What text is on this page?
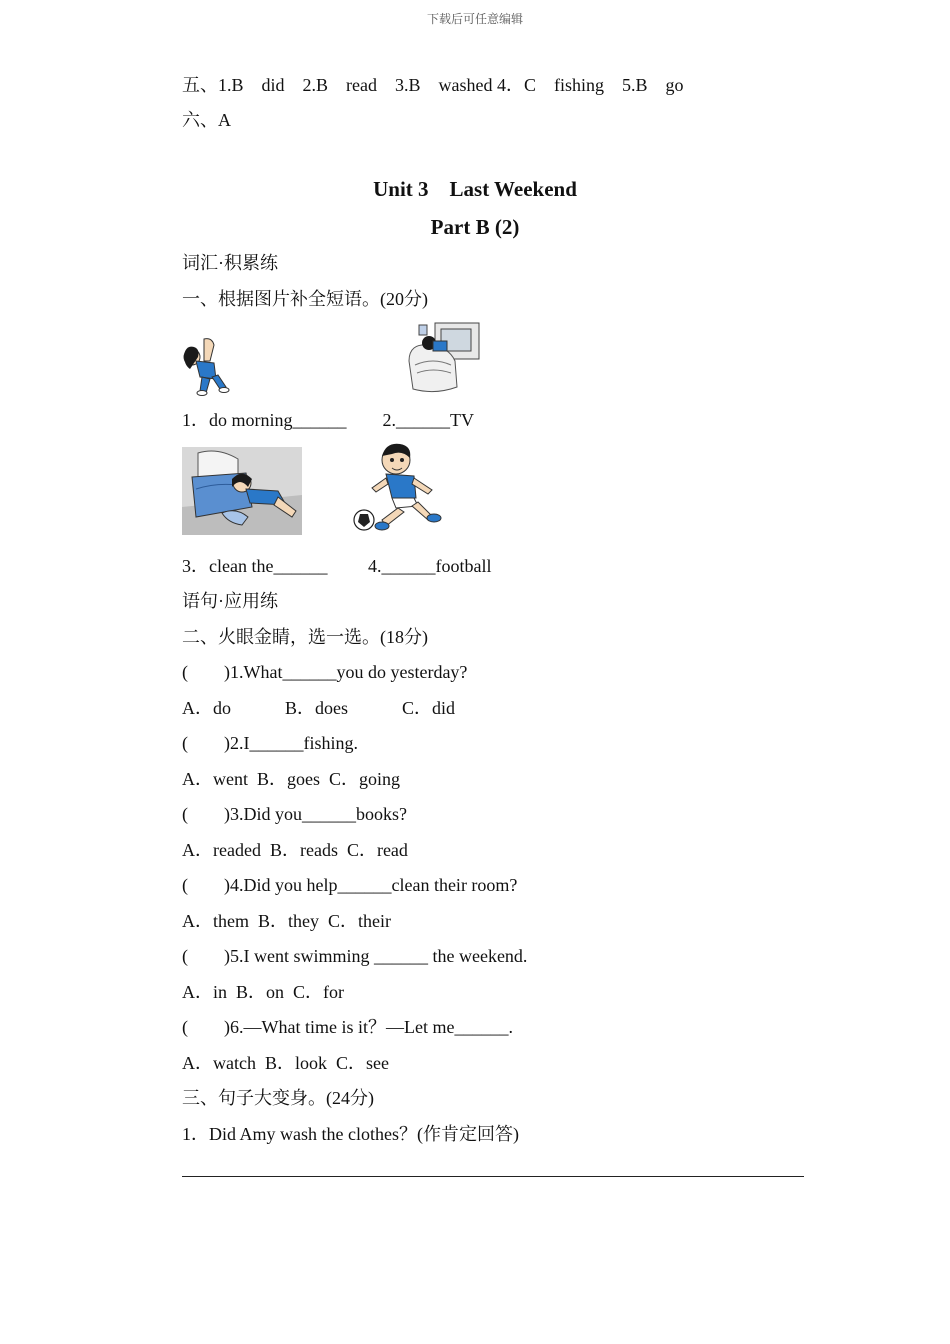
下载后可任意编辑
五、1.B　did　2.B　read　3.B　washed 4．C　fishing　5.B　go
六、A
Unit 3　Last Weekend
Part B (2)
词汇·积累练
一、根据图片补全短语。(20分)
1．do morning______　　2.______TV
3．clean the______　　 4.______football
语句·应用练
二、火眼金睛，选一选。(18分)
(　　)1.What______you do yesterday?
A．do　　　B．does　　　C．did
(　　)2.I______fishing.
A．went  B．goes  C．going
(　　)3.Did you______books?
A．readed  B．reads  C．read
(　　)4.Did you help______clean their room?
A．them  B．they  C．their
(　　)5.I went swimming ______ the weekend.
A．in  B．on  C．for
(　　)6.—What time is it？—Let me______.
A．watch  B．look  C．see
三、句子大变身。(24分)
1．Did Amy wash the clothes？(作肯定回答)
